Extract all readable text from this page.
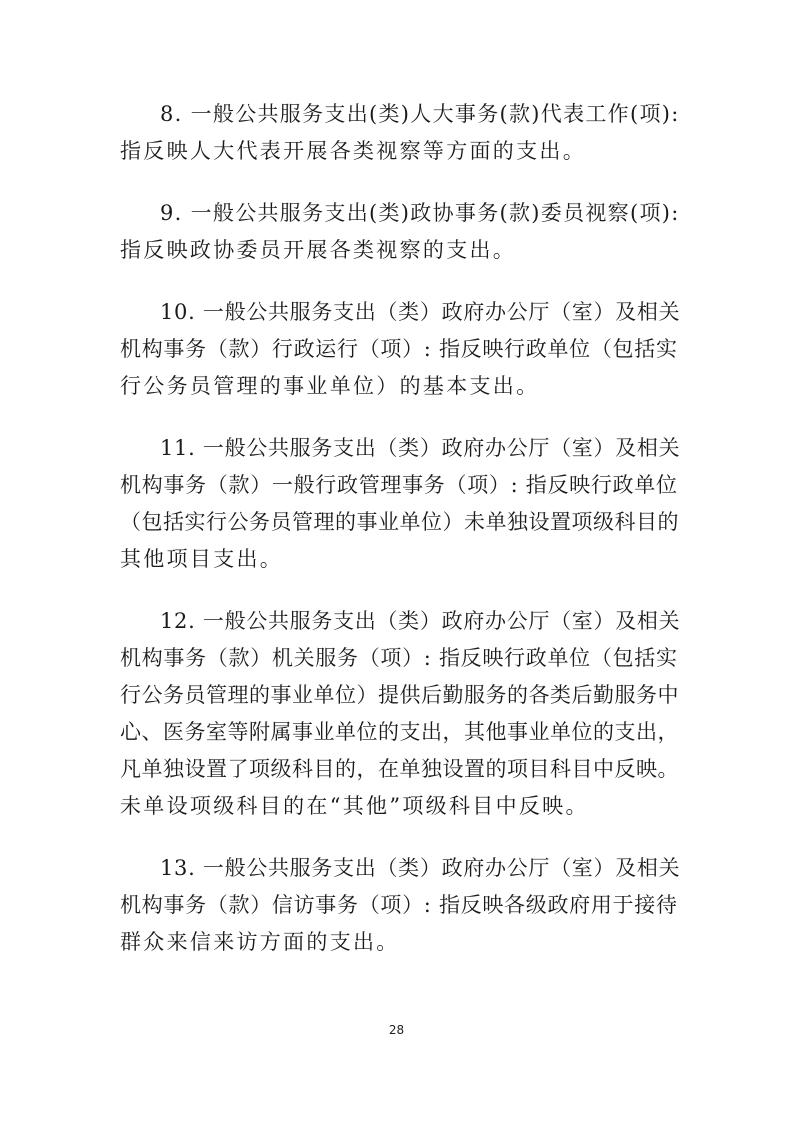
8. 一般公共服务支出(类)人大事务(款)代表工作(项):
指反映人大代表开展各类视察等方面的支出。

9. 一般公共服务支出(类)政协事务(款)委员视察(项):
指反映政协委员开展各类视察的支出。

10. 一般公共服务支出（类）政府办公厅（室）及相关
机构事务（款）行政运行（项）: 指反映行政单位（包括实
行公务员管理的事业单位）的基本支出。

11. 一般公共服务支出（类）政府办公厅（室）及相关
机构事务（款）一般行政管理事务（项）: 指反映行政单位
（包括实行公务员管理的事业单位）未单独设置项级科目的
其他项目支出。

12. 一般公共服务支出（类）政府办公厅（室）及相关
机构事务（款）机关服务（项）: 指反映行政单位（包括实
行公务员管理的事业单位）提供后勤服务的各类后勤服务中
心、医务室等附属事业单位的支出，其他事业单位的支出，
凡单独设置了项级科目的，在单独设置的项目科目中反映。
未单设项级科目的在“其他”项级科目中反映。

13. 一般公共服务支出（类）政府办公厅（室）及相关
机构事务（款）信访事务（项）: 指反映各级政府用于接待
群众来信来访方面的支出。

28
